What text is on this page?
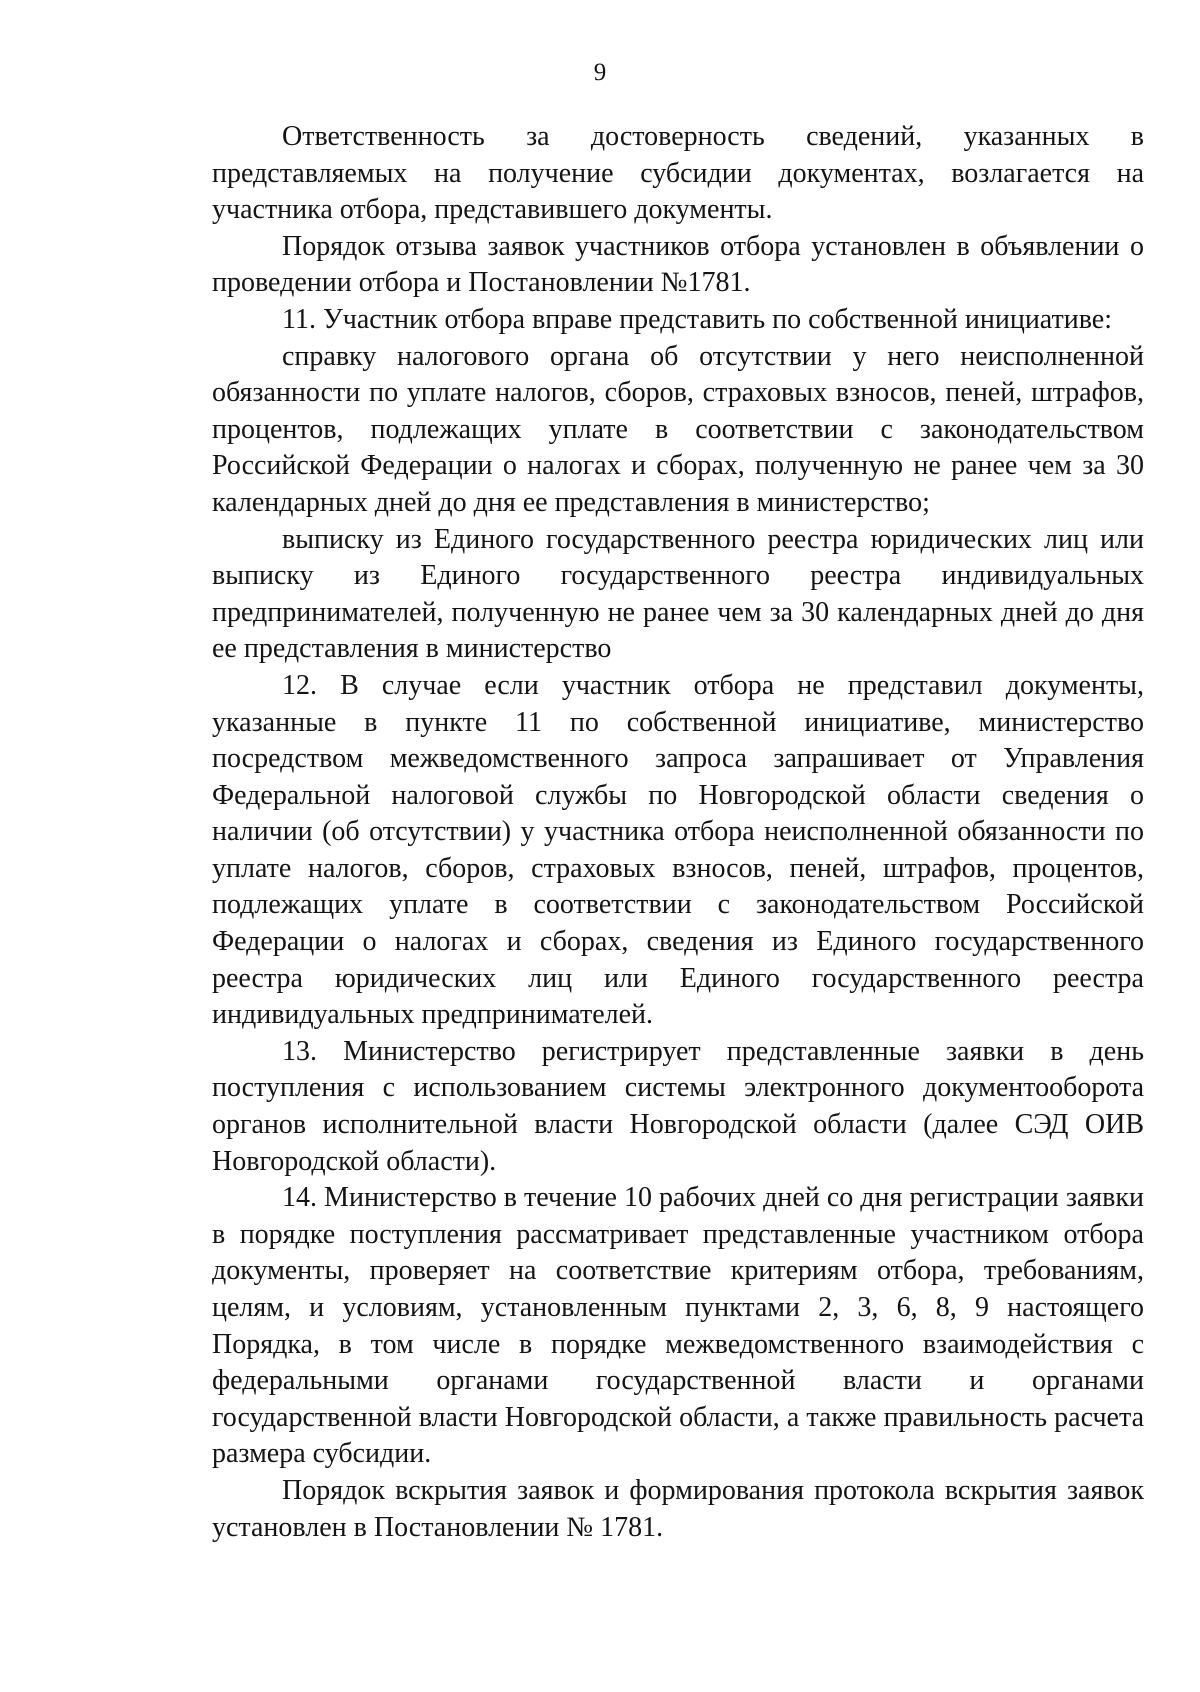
9

Ответственность за достоверность сведений, указанных в представляемых на получение субсидии документах, возлагается на участника отбора, представившего документы.

Порядок отзыва заявок участников отбора установлен в объявлении о проведении отбора и Постановлении №1781.

11. Участник отбора вправе представить по собственной инициативе:

справку налогового органа об отсутствии у него неисполненной обязанности по уплате налогов, сборов, страховых взносов, пеней, штрафов, процентов, подлежащих уплате в соответствии с законодательством Российской Федерации о налогах и сборах, полученную не ранее чем за 30 календарных дней до дня ее представления в министерство;

выписку из Единого государственного реестра юридических лиц или выписку из Единого государственного реестра индивидуальных предпринимателей, полученную не ранее чем за 30 календарных дней до дня ее представления в министерство

12. В случае если участник отбора не представил документы, указанные в пункте 11 по собственной инициативе, министерство посредством межведомственного запроса запрашивает от Управления Федеральной налоговой службы по Новгородской области сведения о наличии (об отсутствии) у участника отбора неисполненной обязанности по уплате налогов, сборов, страховых взносов, пеней, штрафов, процентов, подлежащих уплате в соответствии с законодательством Российской Федерации о налогах и сборах, сведения из Единого государственного реестра юридических лиц или Единого государственного реестра индивидуальных предпринимателей.

13. Министерство регистрирует представленные заявки в день поступления с использованием системы электронного документооборота органов исполнительной власти Новгородской области (далее СЭД ОИВ Новгородской области).

14. Министерство в течение 10 рабочих дней со дня регистрации заявки в порядке поступления рассматривает представленные участником отбора документы, проверяет на соответствие критериям отбора, требованиям, целям, и условиям, установленным пунктами 2, 3, 6, 8, 9 настоящего Порядка, в том числе в порядке межведомственного взаимодействия с федеральными органами государственной власти и органами государственной власти Новгородской области, а также правильность расчета размера субсидии.

Порядок вскрытия заявок и формирования протокола вскрытия заявок установлен в Постановлении № 1781.
